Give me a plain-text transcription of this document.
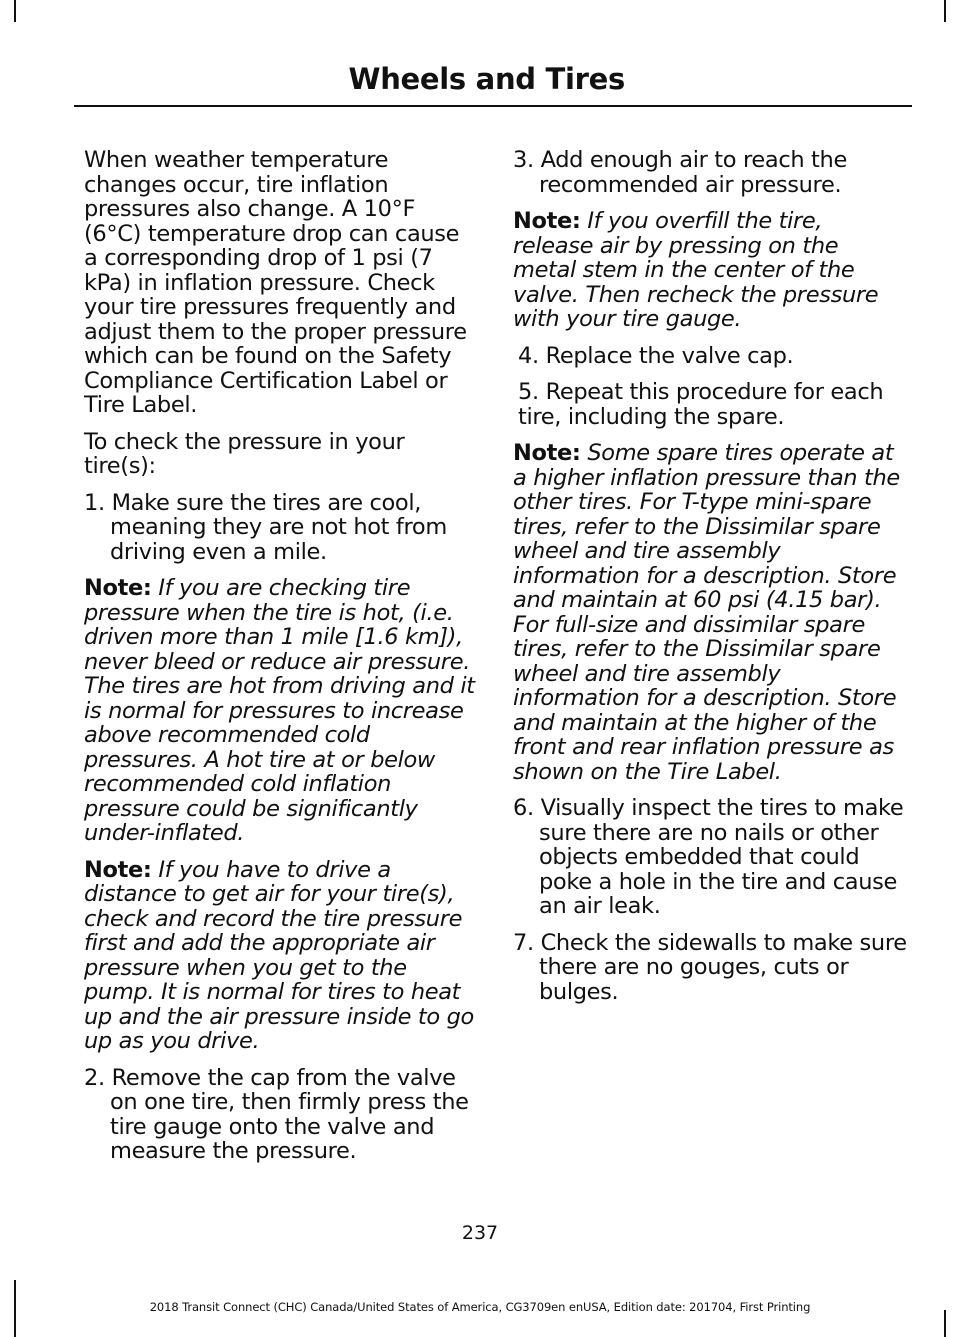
Wheels and Tires

When weather temperature changes occur, tire inflation pressures also change. A 10°F (6°C) temperature drop can cause a corresponding drop of 1 psi (7 kPa) in inflation pressure. Check your tire pressures frequently and adjust them to the proper pressure which can be found on the Safety Compliance Certification Label or Tire Label.

To check the pressure in your tire(s):

1. Make sure the tires are cool, meaning they are not hot from driving even a mile.

Note: If you are checking tire pressure when the tire is hot, (i.e. driven more than 1 mile [1.6 km]), never bleed or reduce air pressure. The tires are hot from driving and it is normal for pressures to increase above recommended cold pressures. A hot tire at or below recommended cold inflation pressure could be significantly under-inflated.

Note: If you have to drive a distance to get air for your tire(s), check and record the tire pressure first and add the appropriate air pressure when you get to the pump. It is normal for tires to heat up and the air pressure inside to go up as you drive.

2. Remove the cap from the valve on one tire, then firmly press the tire gauge onto the valve and measure the pressure.

3. Add enough air to reach the recommended air pressure.

Note: If you overfill the tire, release air by pressing on the metal stem in the center of the valve. Then recheck the pressure with your tire gauge.

4. Replace the valve cap.

5. Repeat this procedure for each tire, including the spare.

Note: Some spare tires operate at a higher inflation pressure than the other tires. For T-type mini-spare tires, refer to the Dissimilar spare wheel and tire assembly information for a description. Store and maintain at 60 psi (4.15 bar). For full-size and dissimilar spare tires, refer to the Dissimilar spare wheel and tire assembly information for a description. Store and maintain at the higher of the front and rear inflation pressure as shown on the Tire Label.

6. Visually inspect the tires to make sure there are no nails or other objects embedded that could poke a hole in the tire and cause an air leak.

7. Check the sidewalls to make sure there are no gouges, cuts or bulges.

237
2018 Transit Connect (CHC) Canada/United States of America, CG3709en enUSA, Edition date: 201704, First Printing
